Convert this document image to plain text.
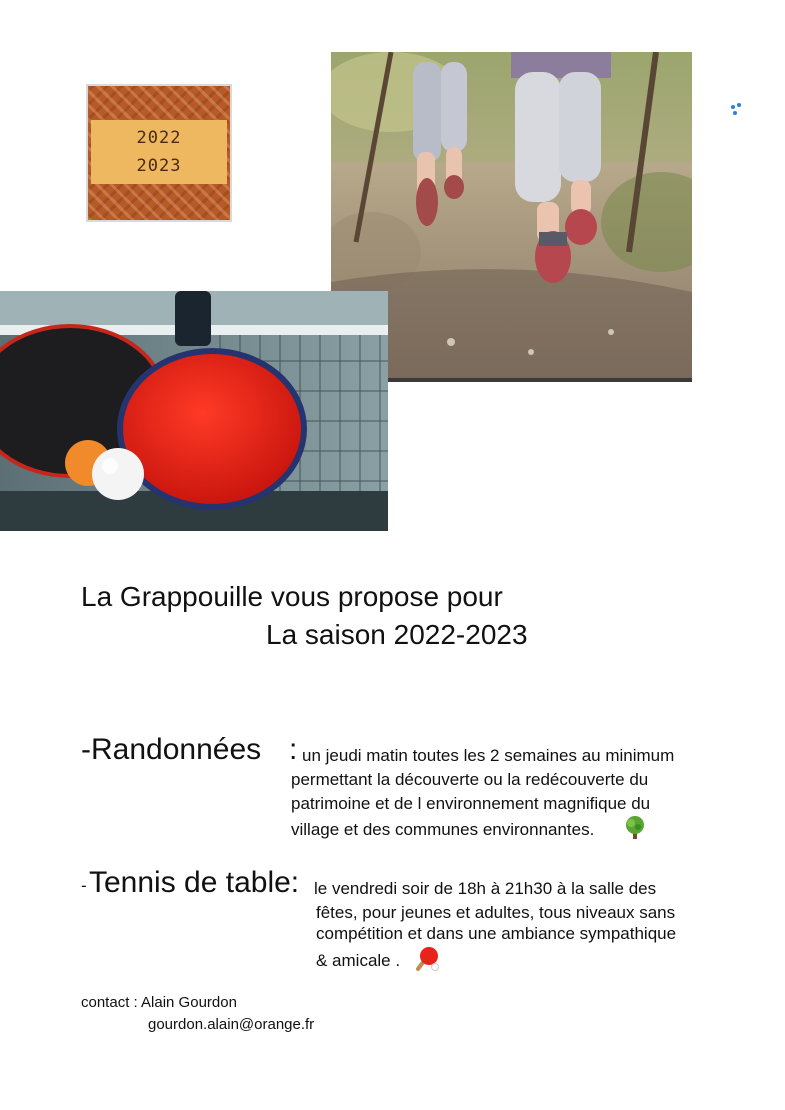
2022
2023
La Grappouille vous propose pour
La saison 2022-2023
-Randonnées : un jeudi matin toutes les 2 semaines au minimum
permettant la découverte ou la redécouverte du
patrimoine et de l environnement magnifique du
village et des communes environnantes.
- Tennis de table: le vendredi soir de 18h à 21h30 à la salle des
fêtes, pour jeunes et adultes, tous niveaux sans
compétition et dans une ambiance sympathique
& amicale .
contact : Alain Gourdon
gourdon.alain@orange.fr
